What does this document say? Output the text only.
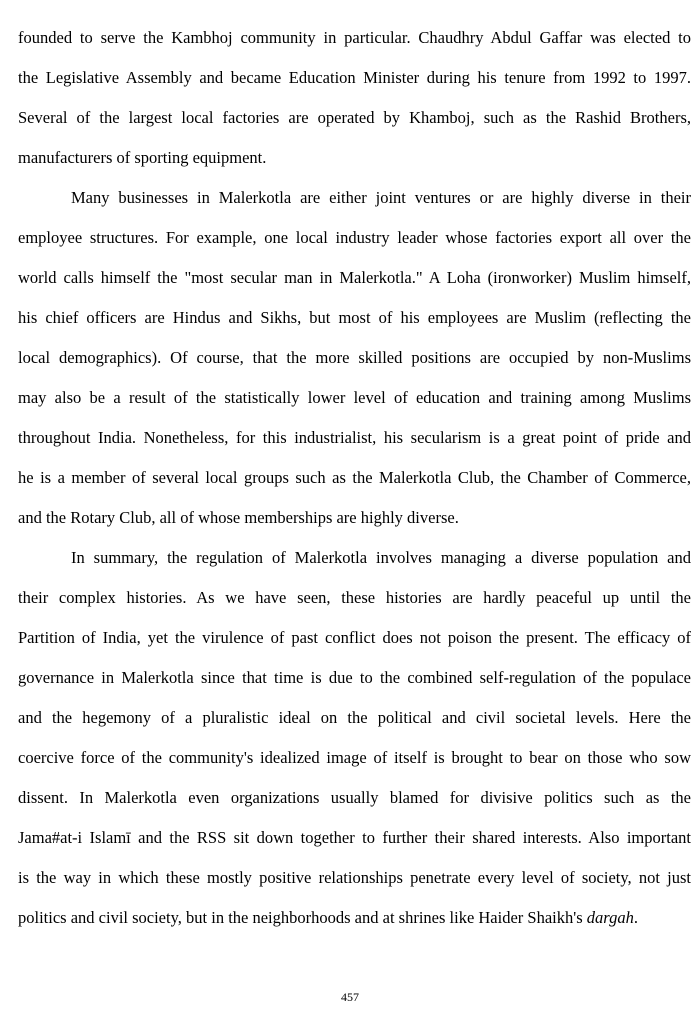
founded to serve the Kambhoj community in particular. Chaudhry Abdul Gaffar was elected to
the Legislative Assembly and became Education Minister during his tenure from 1992 to 1997.
Several of the largest local factories are operated by Khamboj, such as the Rashid Brothers,
manufacturers of sporting equipment.
Many businesses in Malerkotla are either joint ventures or are highly diverse in their
employee structures. For example, one local industry leader whose factories export all over the
world calls himself the "most secular man in Malerkotla." A Loha (ironworker) Muslim himself,
his chief officers are Hindus and Sikhs, but most of his employees are Muslim (reflecting the
local demographics). Of course, that the more skilled positions are occupied by non-Muslims
may also be a result of the statistically lower level of education and training among Muslims
throughout India. Nonetheless, for this industrialist, his secularism is a great point of pride and
he is a member of several local groups such as the Malerkotla Club, the Chamber of Commerce,
and the Rotary Club, all of whose memberships are highly diverse.
In summary, the regulation of Malerkotla involves managing a diverse population and
their complex histories. As we have seen, these histories are hardly peaceful up until the
Partition of India, yet the virulence of past conflict does not poison the present. The efficacy of
governance in Malerkotla since that time is due to the combined self-regulation of the populace
and the hegemony of a pluralistic ideal on the political and civil societal levels. Here the
coercive force of the community's idealized image of itself is brought to bear on those who sow
dissent. In Malerkotla even organizations usually blamed for divisive politics such as the
Jama#at-i Islamī and the RSS sit down together to further their shared interests. Also important
is the way in which these mostly positive relationships penetrate every level of society, not just
politics and civil society, but in the neighborhoods and at shrines like Haider Shaikh's dargah.
457
